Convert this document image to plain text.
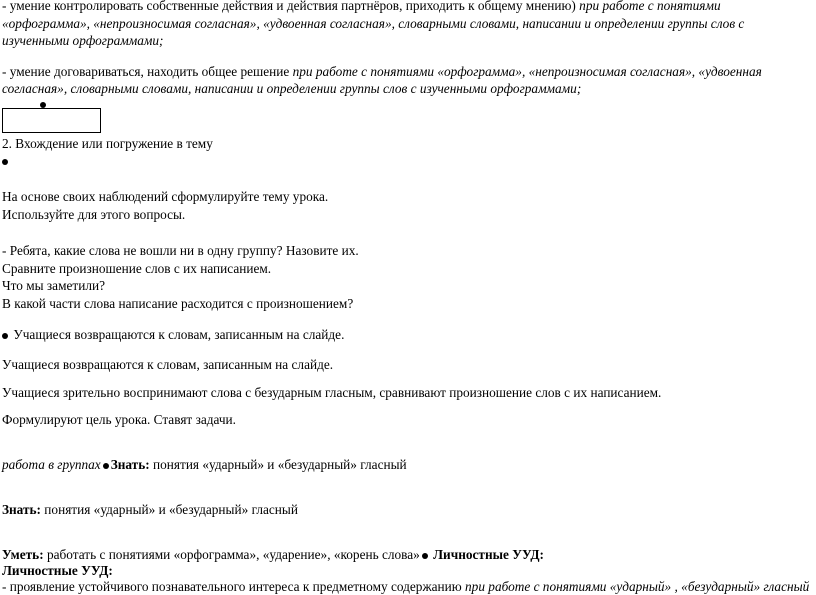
- умение контролировать собственные действия и действия партнёров, приходить к общему мнению) при работе с понятиями
«орфограмма», «непроизносимая согласная», «удвоенная согласная», словарными словами, написании и определении группы слов с
изученными орфограммами;
- умение договариваться, находить общее решение при работе с понятиями «орфограмма», «непроизносимая согласная», «удвоенная
согласная», словарными словами, написании и определении группы слов с изученными орфограммами;
2. Вхождение или погружение в тему
На основе своих наблюдений сформулируйте тему урока.
Используйте для этого вопросы.
- Ребята, какие слова не вошли ни в одну группу? Назовите их.
Сравните произношение слов с их написанием.
Что мы заметили?
В какой части слова написание расходится с произношением?
Учащиеся возвращаются к словам, записанным на слайде.
Учащиеся возвращаются к словам, записанным на слайде.
Учащиеся зрительно воспринимают слова с безударным гласным, сравнивают произношение слов с их написанием.
Формулируют цель урока. Ставят задачи.
работа в группах Знать: понятия «ударный» и «безударный» гласный
Знать: понятия «ударный» и «безударный» гласный
Уметь: работать с понятиями «орфограмма», «ударение», «корень слова» Личностные УУД:
Личностные УУД:
- проявление устойчивого познавательного интереса к предметному содержанию при работе с понятиями «ударный» , «безударный» гласный
